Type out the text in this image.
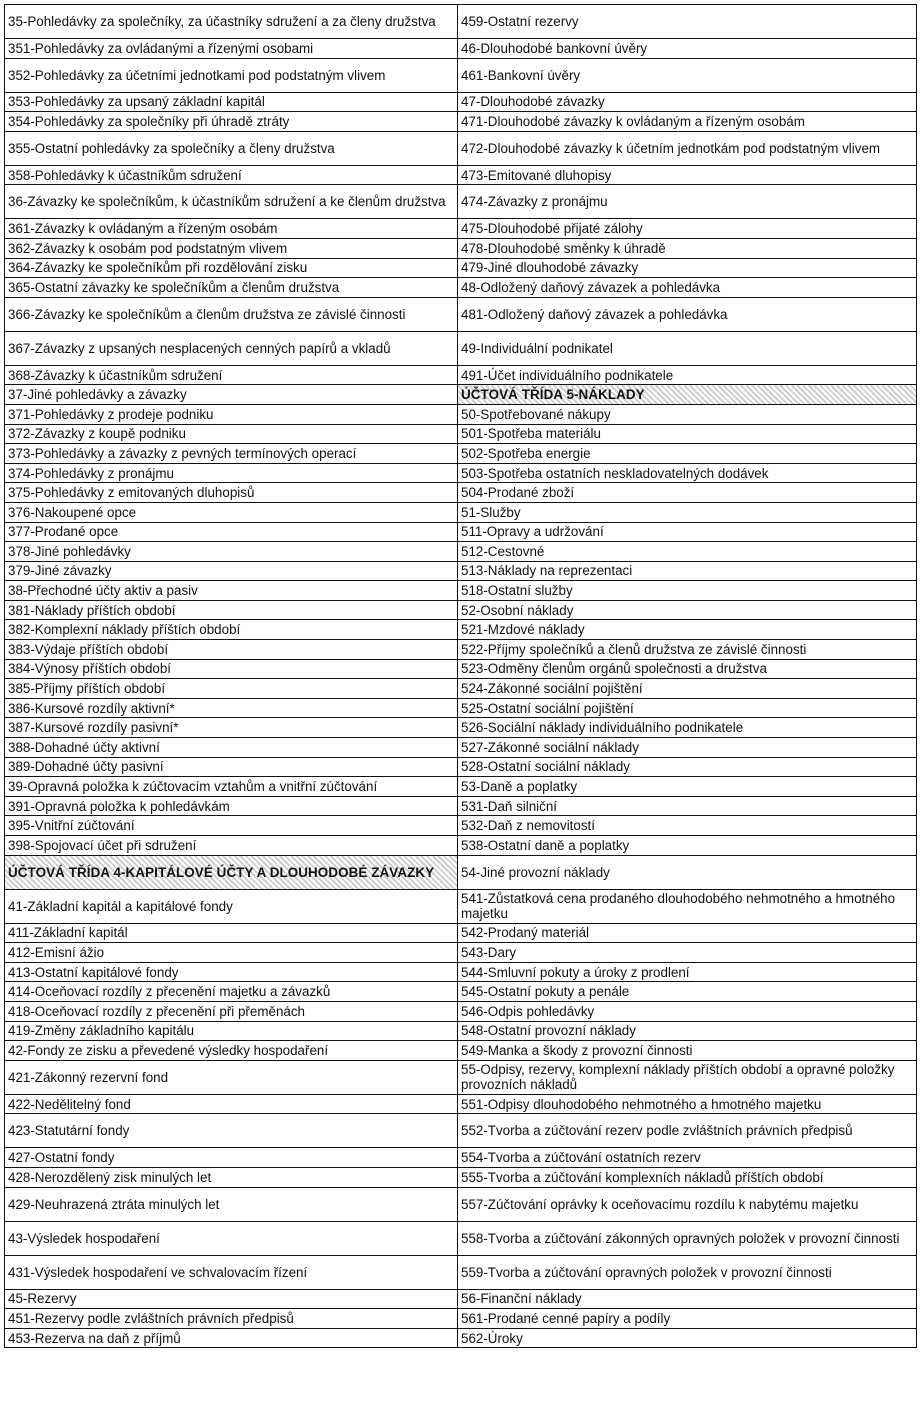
35-Pohledávky za společníky, za účastníky sdružení a za členy družstva	459-Ostatní rezervy
351-Pohledávky za ovládanými a řízenými osobami	46-Dlouhodobé bankovní úvěry
352-Pohledávky za účetními jednotkami pod podstatným vlivem	461-Bankovní úvěry
353-Pohledávky za upsaný základní kapitál	47-Dlouhodobé závazky
354-Pohledávky za společníky při úhradě ztráty	471-Dlouhodobé závazky k ovládaným a řízeným osobám
355-Ostatní pohledávky za společníky a členy družstva	472-Dlouhodobé závazky k účetním jednotkám pod podstatným vlivem
358-Pohledávky k účastníkům sdružení	473-Emitované dluhopisy
36-Závazky ke společníkům, k účastníkům sdružení a ke členům družstva	474-Závazky z pronájmu
361-Závazky k ovládaným a řízeným osobám	475-Dlouhodobé přijaté zálohy
362-Závazky k osobám pod podstatným vlivem	478-Dlouhodobé směnky k úhradě
364-Závazky ke společníkům při rozdělování zisku	479-Jiné dlouhodobé závazky
365-Ostatní závazky ke společníkům a členům družstva	48-Odložený daňový závazek a pohledávka
366-Závazky ke společníkům a členům družstva ze závislé činnosti	481-Odložený daňový závazek a pohledávka
367-Závazky z upsaných nesplacených cenných papírů a vkladů	49-Individuální podnikatel
368-Závazky k účastníkům sdružení	491-Účet individuálního podnikatele
37-Jiné pohledávky a závazky	ÚČTOVÁ TŘÍDA 5-NÁKLADY
371-Pohledávky z prodeje podniku	50-Spotřebované nákupy
372-Závazky z koupě podniku	501-Spotřeba materiálu
373-Pohledávky a závazky z pevných termínových operací	502-Spotřeba energie
374-Pohledávky z pronájmu	503-Spotřeba ostatních neskladovatelných dodávek
375-Pohledávky z emitovaných dluhopisů	504-Prodané zboží
376-Nakoupené opce	51-Služby
377-Prodané opce	511-Opravy a udržování
378-Jiné pohledávky	512-Cestovné
379-Jiné závazky	513-Náklady na reprezentaci
38-Přechodné účty aktiv a pasiv	518-Ostatní služby
381-Náklady příštích období	52-Osobní náklady
382-Komplexní náklady příštích období	521-Mzdové náklady
383-Výdaje příštích období	522-Příjmy společníků a členů družstva ze závislé činnosti
384-Výnosy příštích období	523-Odměny členům orgánů společnosti a družstva
385-Příjmy příštích období	524-Zákonné sociální pojištění
386-Kursové rozdíly aktivní*	525-Ostatní sociální pojištění
387-Kursové rozdíly pasivní*	526-Sociální náklady individuálního podnikatele
388-Dohadné účty aktivní	527-Zákonné sociální náklady
389-Dohadné účty pasivní	528-Ostatní sociální náklady
39-Opravná položka k zúčtovacím vztahům a vnitřní zúčtování	53-Daně a poplatky
391-Opravná položka k pohledávkám	531-Daň silniční
395-Vnitřní zúčtování	532-Daň z nemovitostí
398-Spojovací účet při sdružení	538-Ostatní daně a poplatky
ÚČTOVÁ TŘÍDA 4-KAPITÁLOVÉ ÚČTY A DLOUHODOBÉ ZÁVAZKY	54-Jiné provozní náklady
41-Základní kapitál a kapitálové fondy	541-Zůstatková cena prodaného dlouhodobého nehmotného a hmotného majetku
411-Základní kapitál	542-Prodaný materiál
412-Emisní ážio	543-Dary
413-Ostatní kapitálové fondy	544-Smluvní pokuty a úroky z prodlení
414-Oceňovací rozdíly z přecenění majetku a závazků	545-Ostatní pokuty a penále
418-Oceňovací rozdíly z přecenění při přeměnách	546-Odpis pohledávky
419-Změny základního kapitálu	548-Ostatní provozní náklady
42-Fondy ze zisku a převedené výsledky hospodaření	549-Manka a škody z provozní činnosti
421-Zákonný rezervní fond	55-Odpisy, rezervy, komplexní náklady příštích období a opravné položky provozních nákladů
422-Nedělitelný fond	551-Odpisy dlouhodobého nehmotného a hmotného majetku
423-Statutární fondy	552-Tvorba a zúčtování rezerv podle zvláštních právních předpisů
427-Ostatní fondy	554-Tvorba a zúčtování ostatních rezerv
428-Nerozdělený zisk minulých let	555-Tvorba a zúčtování komplexních nákladů příštích období
429-Neuhrazená ztráta minulých let	557-Zúčtování oprávky k oceňovacímu rozdílu k nabytému majetku
43-Výsledek hospodaření	558-Tvorba a zúčtování zákonných opravných položek v provozní činnosti
431-Výsledek hospodaření ve schvalovacím řízení	559-Tvorba a zúčtování opravných položek v provozní činnosti
45-Rezervy	56-Finanční náklady
451-Rezervy podle zvláštních právních předpisů	561-Prodané cenné papíry a podíly
453-Rezerva na daň z příjmů	562-Úroky
